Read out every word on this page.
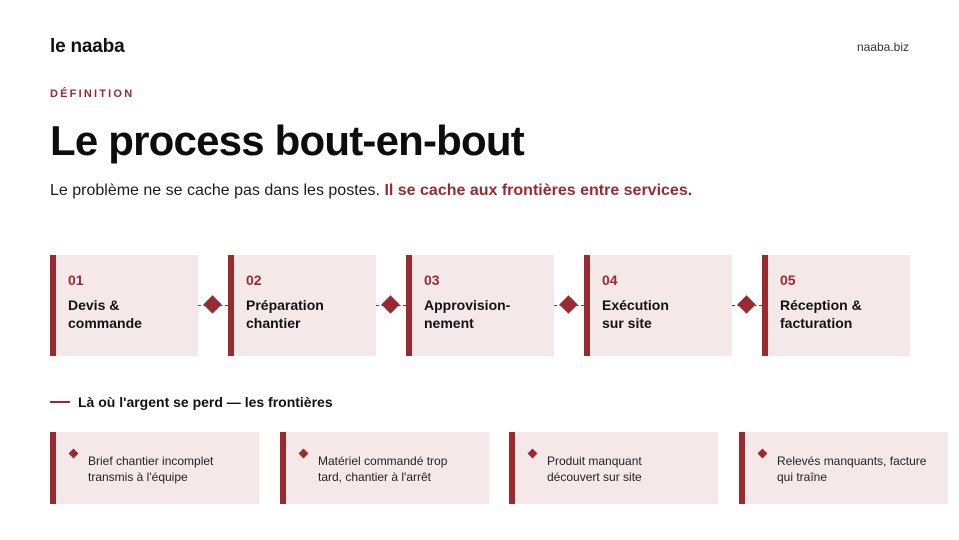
le naaba	naaba.biz
DÉFINITION
Le process bout-en-bout

Le problème ne se cache pas dans les postes. Il se cache aux frontières entre services.

01
Devis &
commande
02
Préparation
chantier
03
Approvision-
nement
04
Exécution
sur site
05
Réception &
facturation
Là où l'argent se perd — les frontières
Brief chantier incomplet
transmis à l'équipe
Matériel commandé trop
tard, chantier à l'arrêt
Produit manquant
découvert sur site
Relevés manquants, facture
qui traîne
